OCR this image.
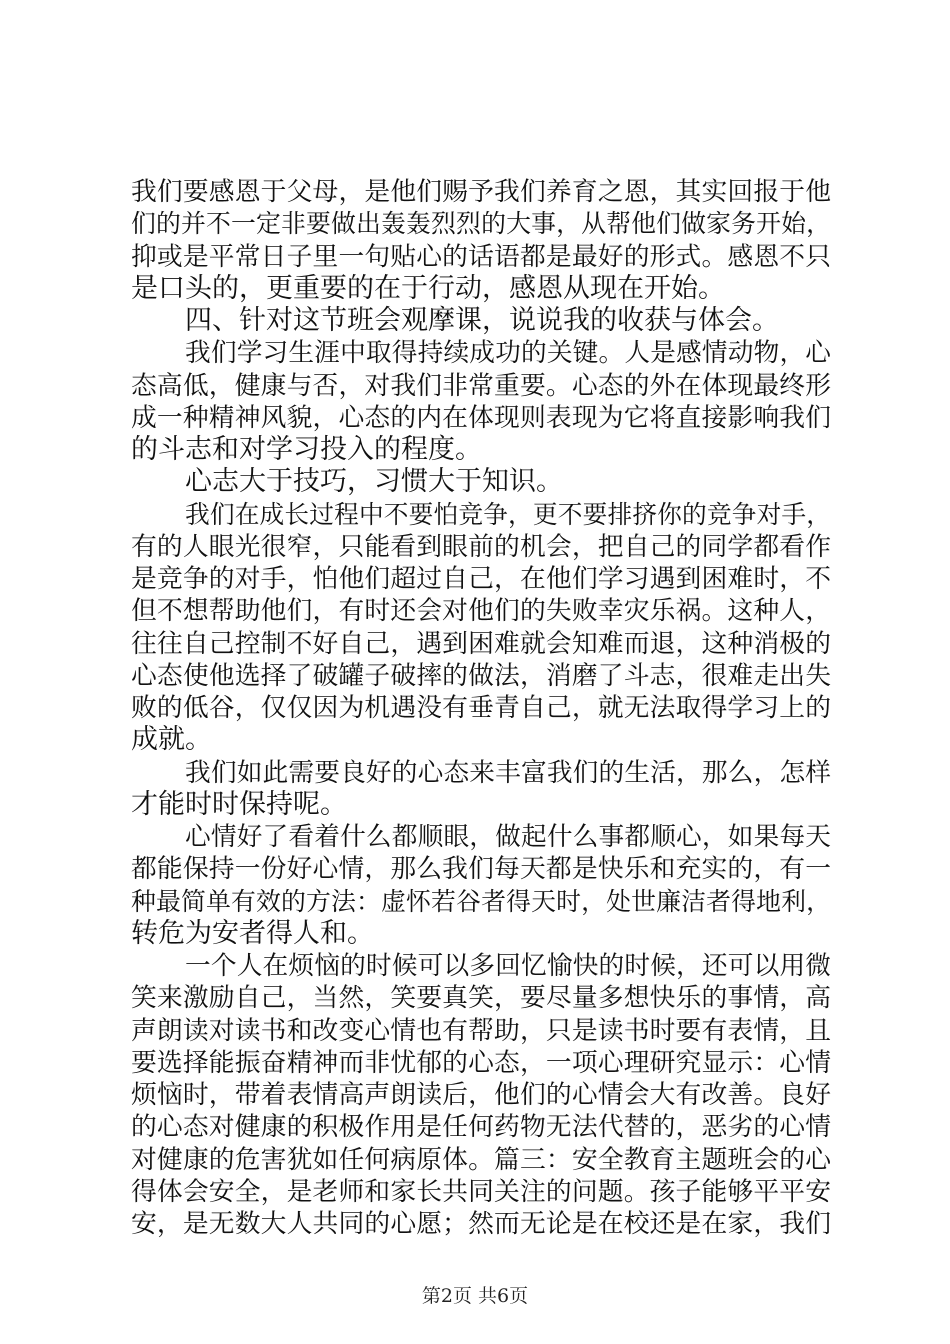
我们要感恩于父母，是他们赐予我们养育之恩，其实回报于他
们的并不一定非要做出轰轰烈烈的大事，从帮他们做家务开始，
抑或是平常日子里一句贴心的话语都是最好的形式。感恩不只
是口头的，更重要的在于行动，感恩从现在开始。
四、针对这节班会观摩课，说说我的收获与体会。
我们学习生涯中取得持续成功的关键。人是感情动物，心
态高低，健康与否，对我们非常重要。心态的外在体现最终形
成一种精神风貌，心态的内在体现则表现为它将直接影响我们
的斗志和对学习投入的程度。
心志大于技巧，习惯大于知识。
我们在成长过程中不要怕竞争，更不要排挤你的竞争对手，
有的人眼光很窄，只能看到眼前的机会，把自己的同学都看作
是竞争的对手，怕他们超过自己，在他们学习遇到困难时，不
但不想帮助他们，有时还会对他们的失败幸灾乐祸。这种人，
往往自己控制不好自己，遇到困难就会知难而退，这种消极的
心态使他选择了破罐子破摔的做法，消磨了斗志，很难走出失
败的低谷，仅仅因为机遇没有垂青自己，就无法取得学习上的
成就。
我们如此需要良好的心态来丰富我们的生活，那么，怎样
才能时时保持呢。
心情好了看着什么都顺眼，做起什么事都顺心，如果每天
都能保持一份好心情，那么我们每天都是快乐和充实的，有一
种最简单有效的方法：虚怀若谷者得天时，处世廉洁者得地利，
转危为安者得人和。
一个人在烦恼的时候可以多回忆愉快的时候，还可以用微
笑来激励自己，当然，笑要真笑，要尽量多想快乐的事情，高
声朗读对读书和改变心情也有帮助，只是读书时要有表情，且
要选择能振奋精神而非忧郁的心态，一项心理研究显示：心情
烦恼时，带着表情高声朗读后，他们的心情会大有改善。良好
的心态对健康的积极作用是任何药物无法代替的，恶劣的心情
对健康的危害犹如任何病原体。篇三：安全教育主题班会的心
得体会安全，是老师和家长共同关注的问题。孩子能够平平安
安，是无数大人共同的心愿；然而无论是在校还是在家，我们
第2页 共6页
